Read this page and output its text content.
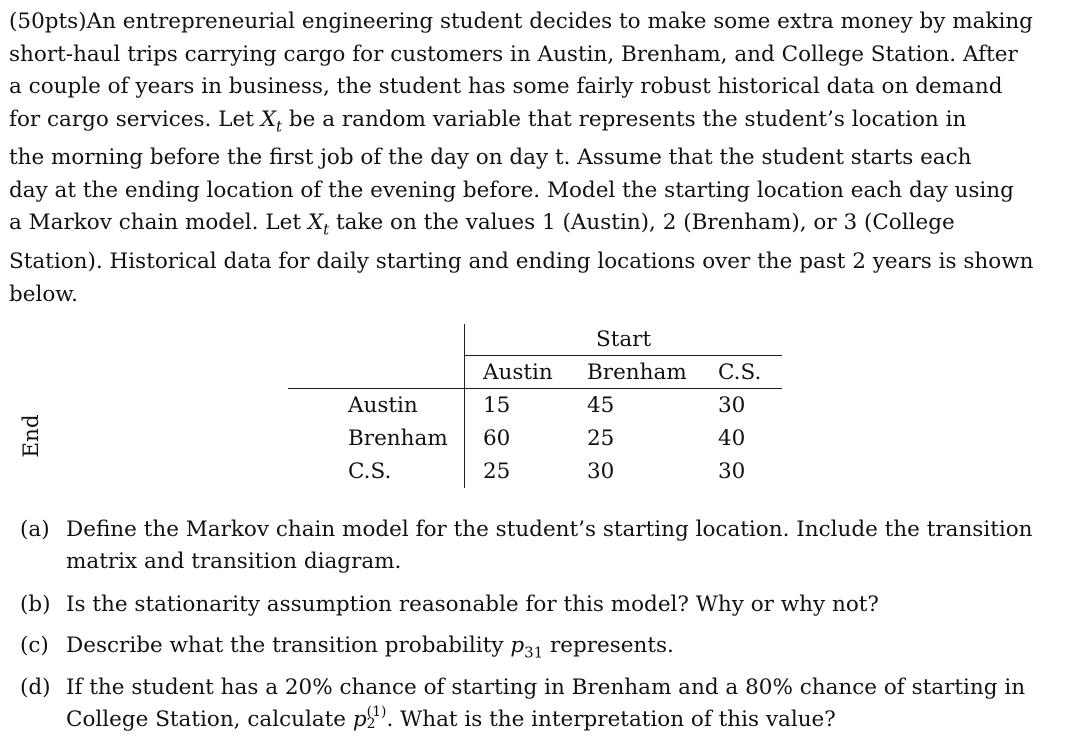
(50pts)An entrepreneurial engineering student decides to make some extra money by making
short-haul trips carrying cargo for customers in Austin, Brenham, and College Station. After
a couple of years in business, the student has some fairly robust historical data on demand
for cargo services. Let $X_t$ be a random variable that represents the student’s location in
the morning before the first job of the day on day t. Assume that the student starts each
day at the ending location of the evening before. Model the starting location each day using
a Markov chain model. Let $X_t$ take on the values 1 (Austin), 2 (Brenham), or 3 (College
Station). Historical data for daily starting and ending locations over the past 2 years is shown
below.
End
Start
Austin Brenham C.S.
Austin	15	45	30
Brenham 60	25	40
C.S.	25	30	30
(a) Define the Markov chain model for the student’s starting location. Include the transition
matrix and transition diagram.
(b) Is the stationarity assumption reasonable for this model? Why or why not?
(c) Describe what the transition probability $p_{31}$ represents.
(d) If the student has a 20% chance of starting in Brenham and a 80% chance of starting in
College Station, calculate p (1)
2 . What is the interpretation of this value?
